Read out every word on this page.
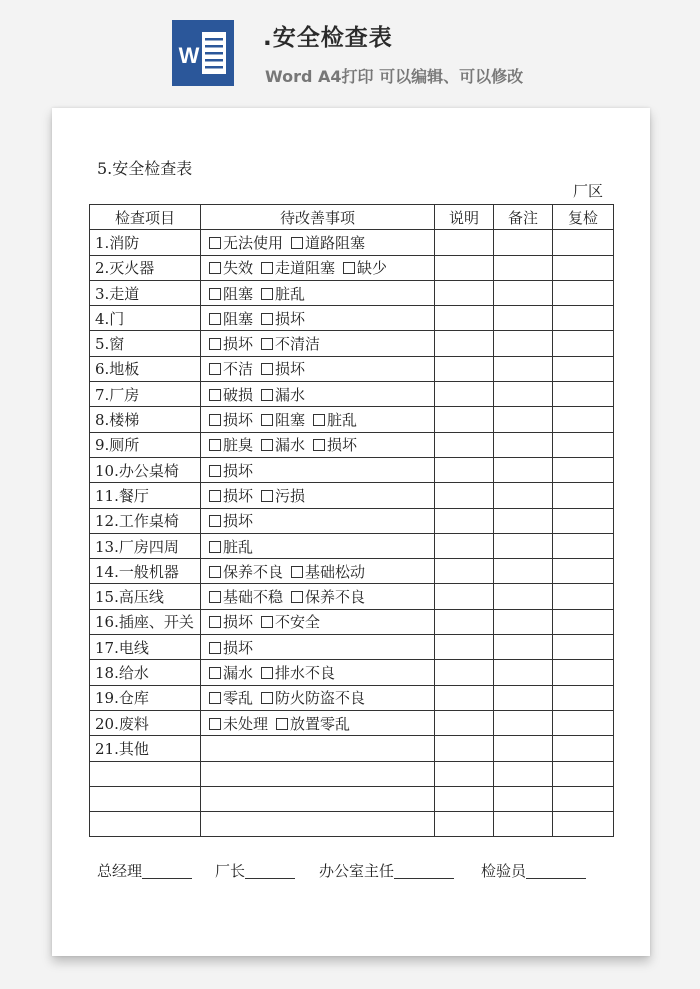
W
.安全检查表
Word A4打印 可以编辑、可以修改
5.安全检查表
厂区
检查项目	待改善事项	说明	备注	复检
1.消防	无法使用 道路阻塞			
2.灭火器	失效 走道阻塞 缺少			
3.走道	阻塞 脏乱			
4.门	阻塞 损坏			
5.窗	损坏 不清洁			
6.地板	不洁 损坏			
7.厂房	破损 漏水			
8.楼梯	损坏 阻塞 脏乱			
9.厕所	脏臭 漏水 损坏			
10.办公桌椅	损坏			
11.餐厅	损坏 污损			
12.工作桌椅	损坏			
13.厂房四周	脏乱			
14.一般机器	保养不良 基础松动			
15.高压线	基础不稳 保养不良			
16.插座、开关	损坏 不安全			
17.电线	损坏			
18.给水	漏水 排水不良			
19.仓库	零乱 防火防盗不良			
20.废料	未处理 放置零乱			
21.其他				

总经理	厂长	办公室主任	检验员
